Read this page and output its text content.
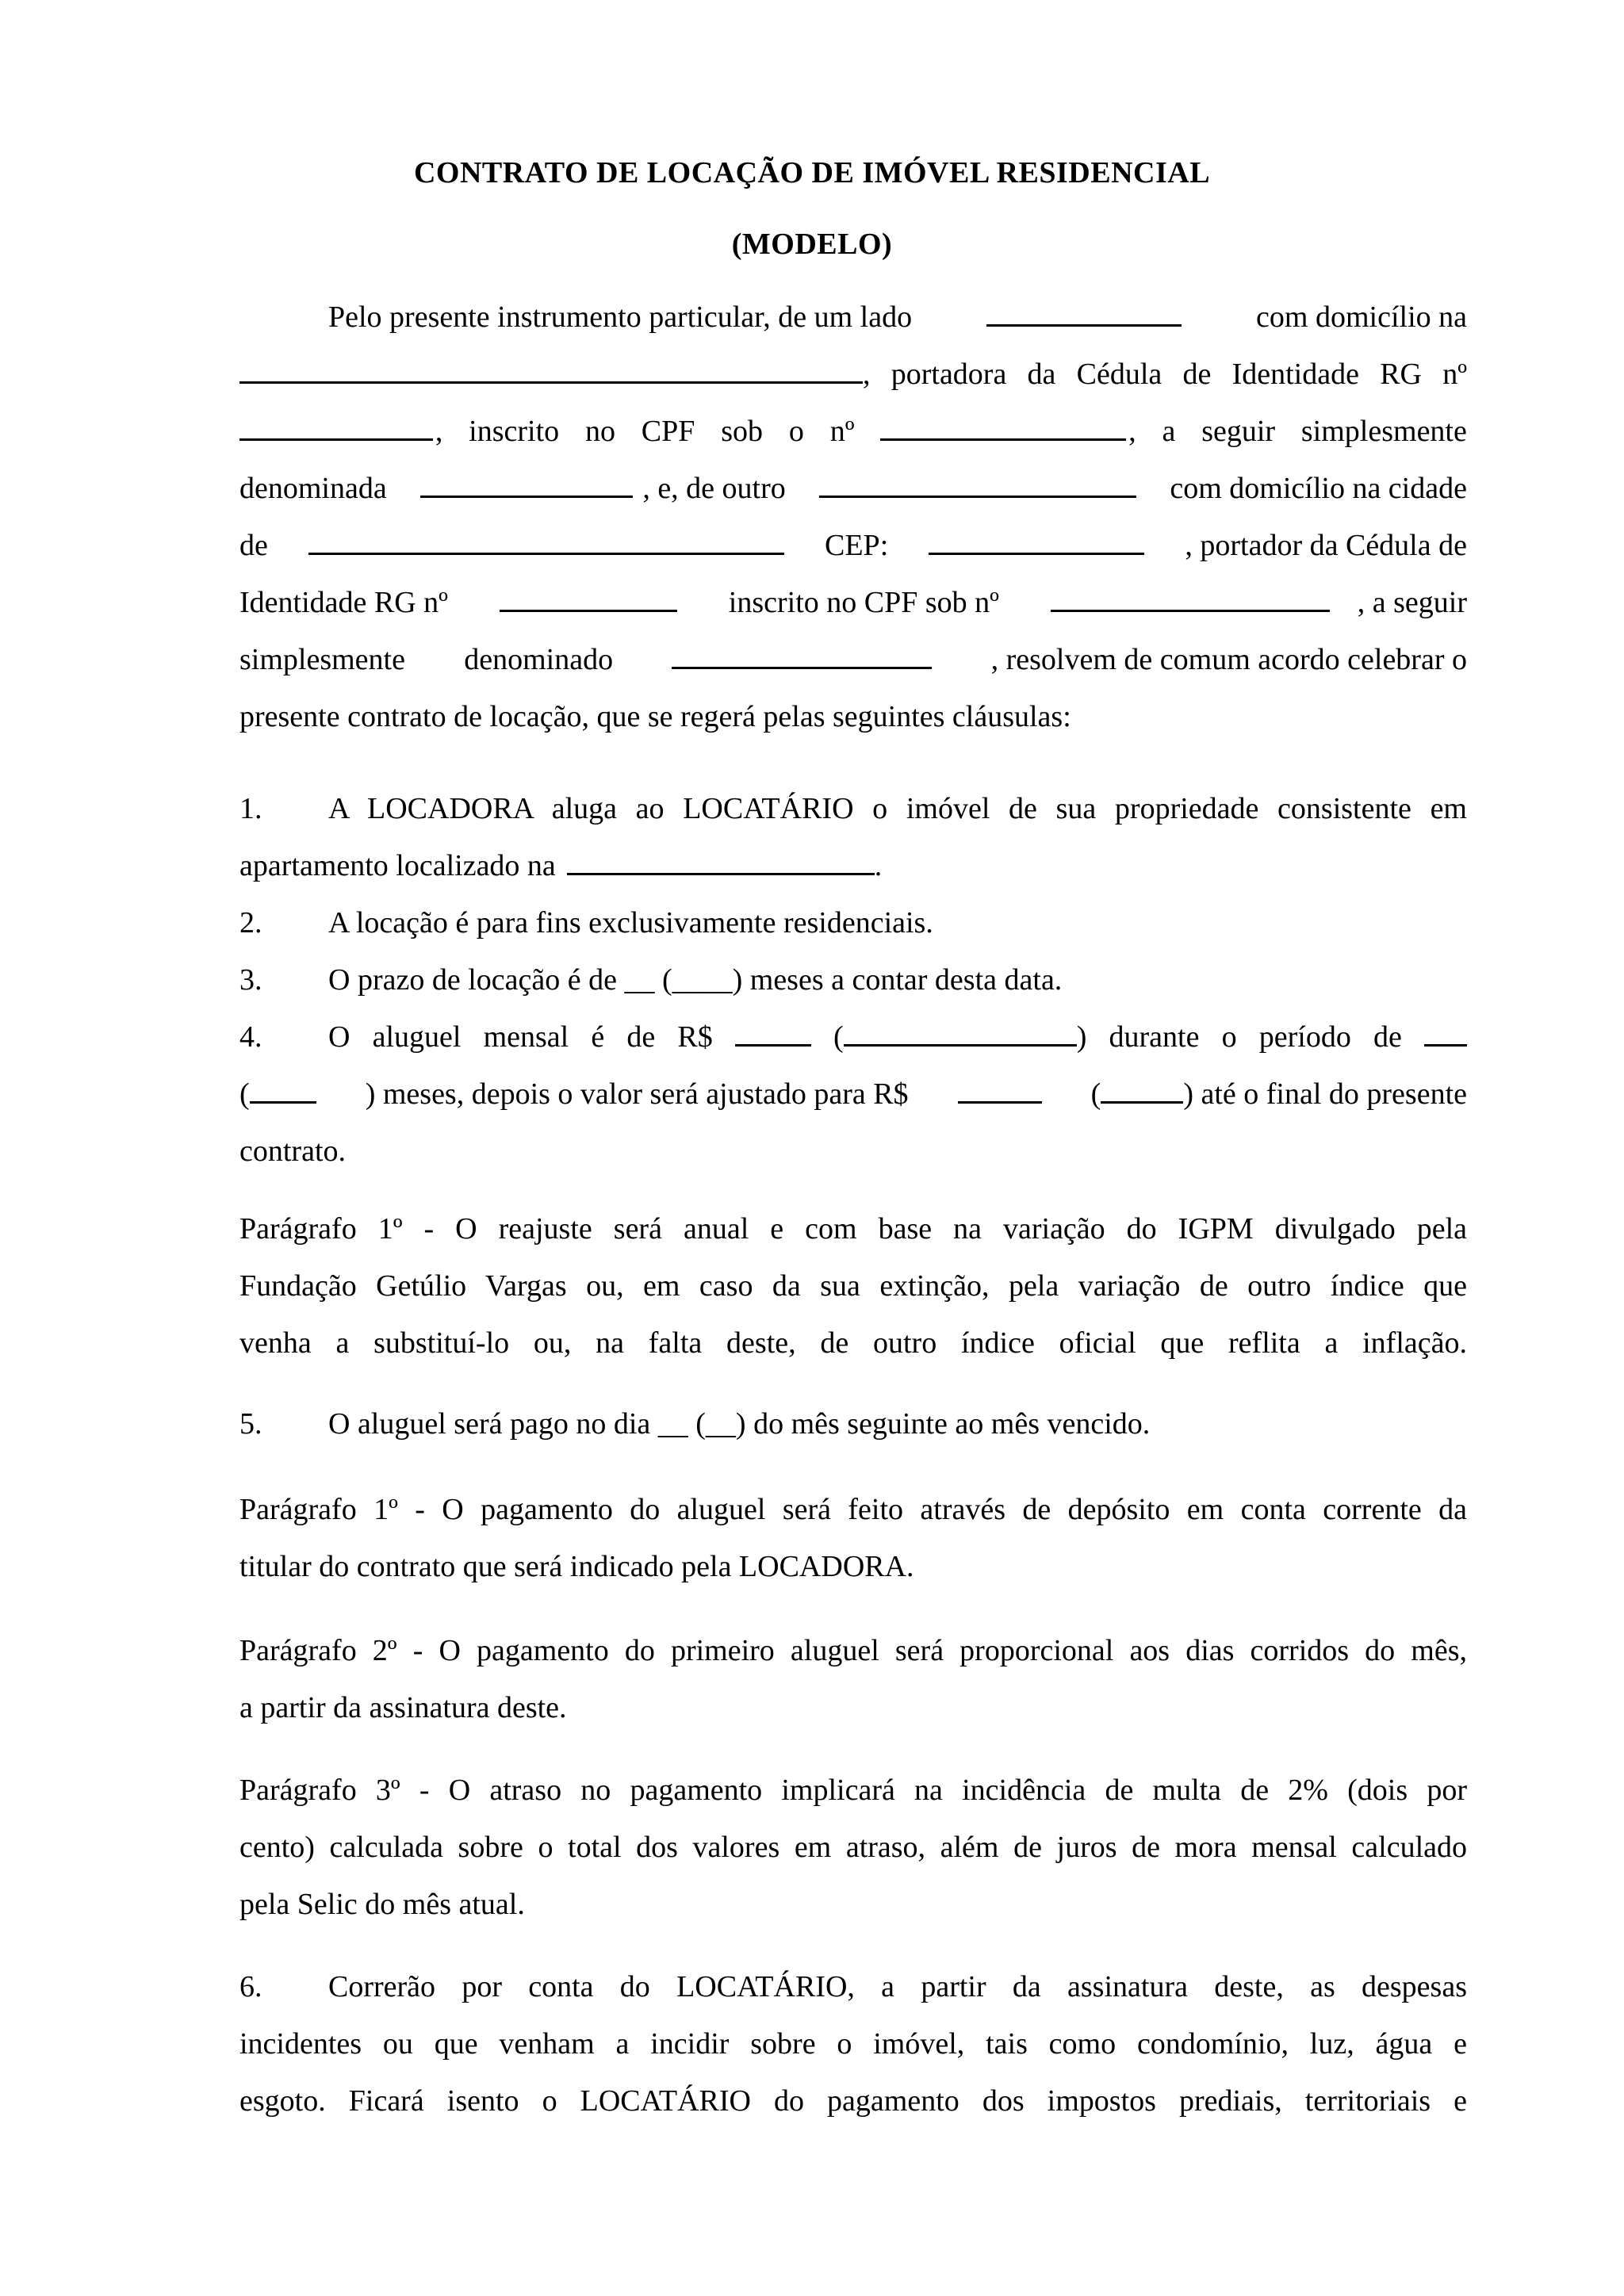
CONTRATO DE LOCAÇÃO DE IMÓVEL RESIDENCIAL
(MODELO)
Pelo presente instrumento particular, de um lado	com domicílio na
, portadora da Cédula de Identidade RG nº
, inscrito no CPF sob o nº	, a seguir simplesmente
denominada	, e, de outro	com domicílio na cidade
de	CEP:	, portador da Cédula de
Identidade RG nº	inscrito no CPF sob nº	, a seguir
simplesmente denominado	, resolvem de comum acordo celebrar o
presente contrato de locação, que se regerá pelas seguintes cláusulas:
1.	A LOCADORA aluga ao LOCATÁRIO o imóvel de sua propriedade consistente em
apartamento localizado na	.
2.	A locação é para fins exclusivamente residenciais.
3.	O prazo de locação é de __ (____) meses a contar desta data.
4.	O aluguel mensal é de R$	(	) durante o período de
(	) meses, depois o valor será ajustado para R$	(	) até o final do presente
contrato.
Parágrafo 1º - O reajuste será anual e com base na variação do IGPM divulgado pela
Fundação Getúlio Vargas ou, em caso da sua extinção, pela variação de outro índice que
venha a substituí-lo ou, na falta deste, de outro índice oficial que reflita a inflação.
5.	O aluguel será pago no dia __ (__) do mês seguinte ao mês vencido.
Parágrafo 1º - O pagamento do aluguel será feito através de depósito em conta corrente da
titular do contrato que será indicado pela LOCADORA.
Parágrafo 2º - O pagamento do primeiro aluguel será proporcional aos dias corridos do mês,
a partir da assinatura deste.
Parágrafo 3º - O atraso no pagamento implicará na incidência de multa de 2% (dois por
cento) calculada sobre o total dos valores em atraso, além de juros de mora mensal calculado
pela Selic do mês atual.
6.	Correrão por conta do LOCATÁRIO, a partir da assinatura deste, as despesas
incidentes ou que venham a incidir sobre o imóvel, tais como condomínio, luz, água e
esgoto. Ficará isento o LOCATÁRIO do pagamento dos impostos prediais, territoriais e
